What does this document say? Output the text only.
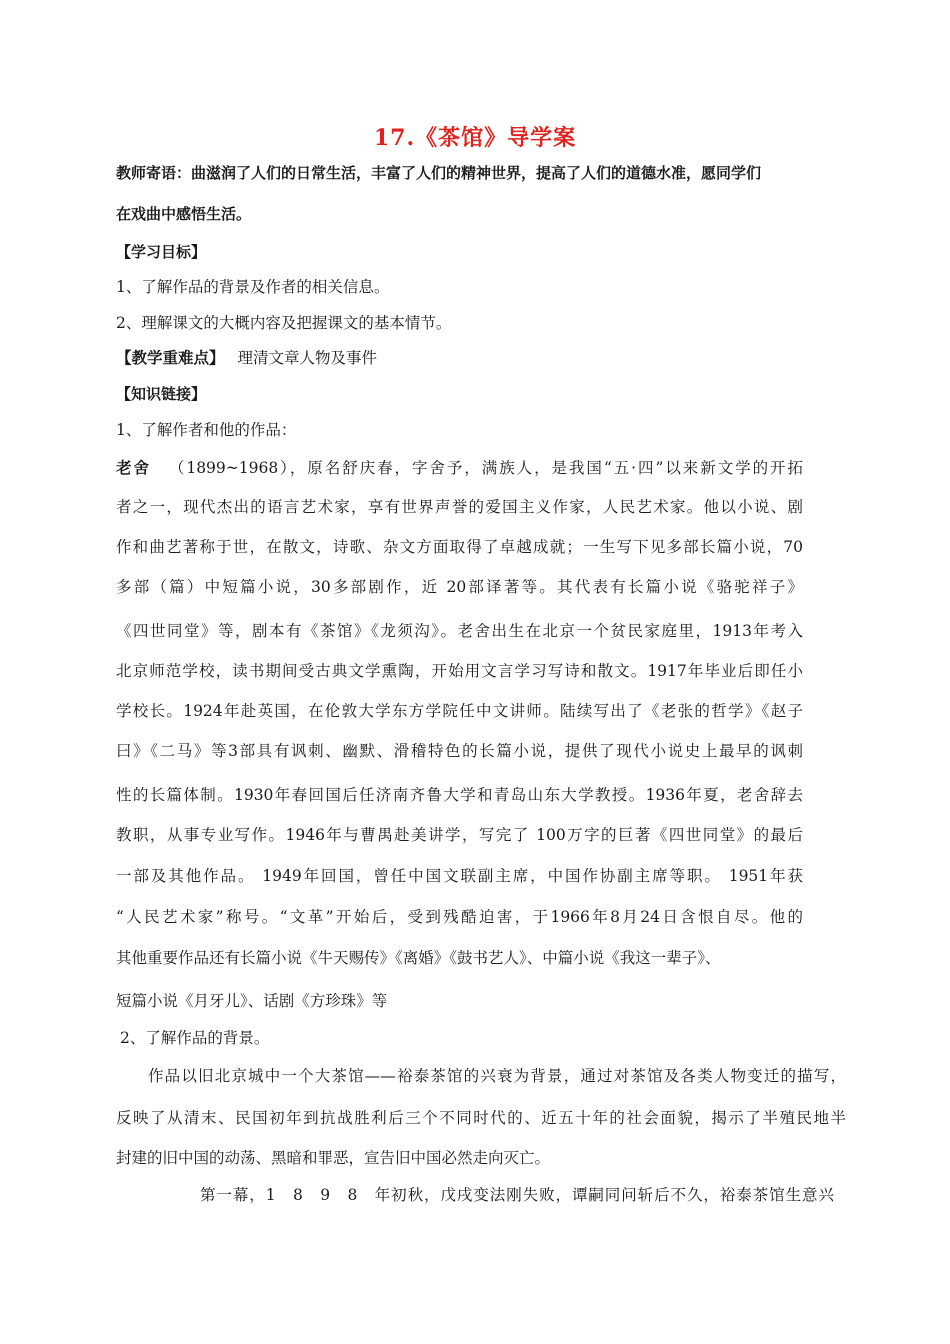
17.《茶馆》导学案
教师寄语：曲滋润了人们的日常生活，丰富了人们的精神世界，提高了人们的道德水准，愿同学们
在戏曲中感悟生活。
【学习目标】
1、了解作品的背景及作者的相关信息。
2、理解课文的大概内容及把握课文的基本情节。
【教学重难点】 理清文章人物及事件
【知识链接】
1、了解作者和他的作品：
老舍 （1899~1968），原名舒庆春，字舍予，满族人，是我国“五·四”以来新文学的开拓
者之一，现代杰出的语言艺术家，享有世界声誉的爱国主义作家，人民艺术家。他以小说、剧
作和曲艺著称于世，在散文，诗歌、杂文方面取得了卓越成就；一生写下见多部长篇小说，70
多部（篇）中短篇小说，30多部剧作，近 20部译著等。其代表有长篇小说《骆驼祥子》
《四世同堂》等，剧本有《茶馆》《龙须沟》。老舍出生在北京一个贫民家庭里，1913年考入
北京师范学校，读书期间受古典文学熏陶，开始用文言学习写诗和散文。1917年毕业后即任小
学校长。1924年赴英国，在伦敦大学东方学院任中文讲师。陆续写出了《老张的哲学》《赵子
曰》《二马》等3部具有讽刺、幽默、滑稽特色的长篇小说，提供了现代小说史上最早的讽刺
性的长篇体制。1930年春回国后任济南齐鲁大学和青岛山东大学教授。1936年夏，老舍辞去
教职，从事专业写作。1946年与曹禺赴美讲学，写完了 100万字的巨著《四世同堂》的最后
一部及其他作品。 1949年回国，曾任中国文联副主席，中国作协副主席等职。 1951年获
“人民艺术家”称号。“文革”开始后，受到残酷迫害，于1966年8月24日含恨自尽。他的
其他重要作品还有长篇小说《牛天赐传》《离婚》《鼓书艺人》、中篇小说《我这一辈子》、
短篇小说《月牙儿》、话剧《方珍珠》等
2、了解作品的背景。
作品以旧北京城中一个大茶馆——裕泰茶馆的兴衰为背景，通过对茶馆及各类人物变迁的描写，
反映了从清末、民国初年到抗战胜利后三个不同时代的、近五十年的社会面貌，揭示了半殖民地半
封建的旧中国的动荡、黑暗和罪恶，宣告旧中国必然走向灭亡。
第一幕，1　8　9　8　年初秋，戊戌变法刚失败，谭嗣同问斩后不久，裕泰茶馆生意兴
